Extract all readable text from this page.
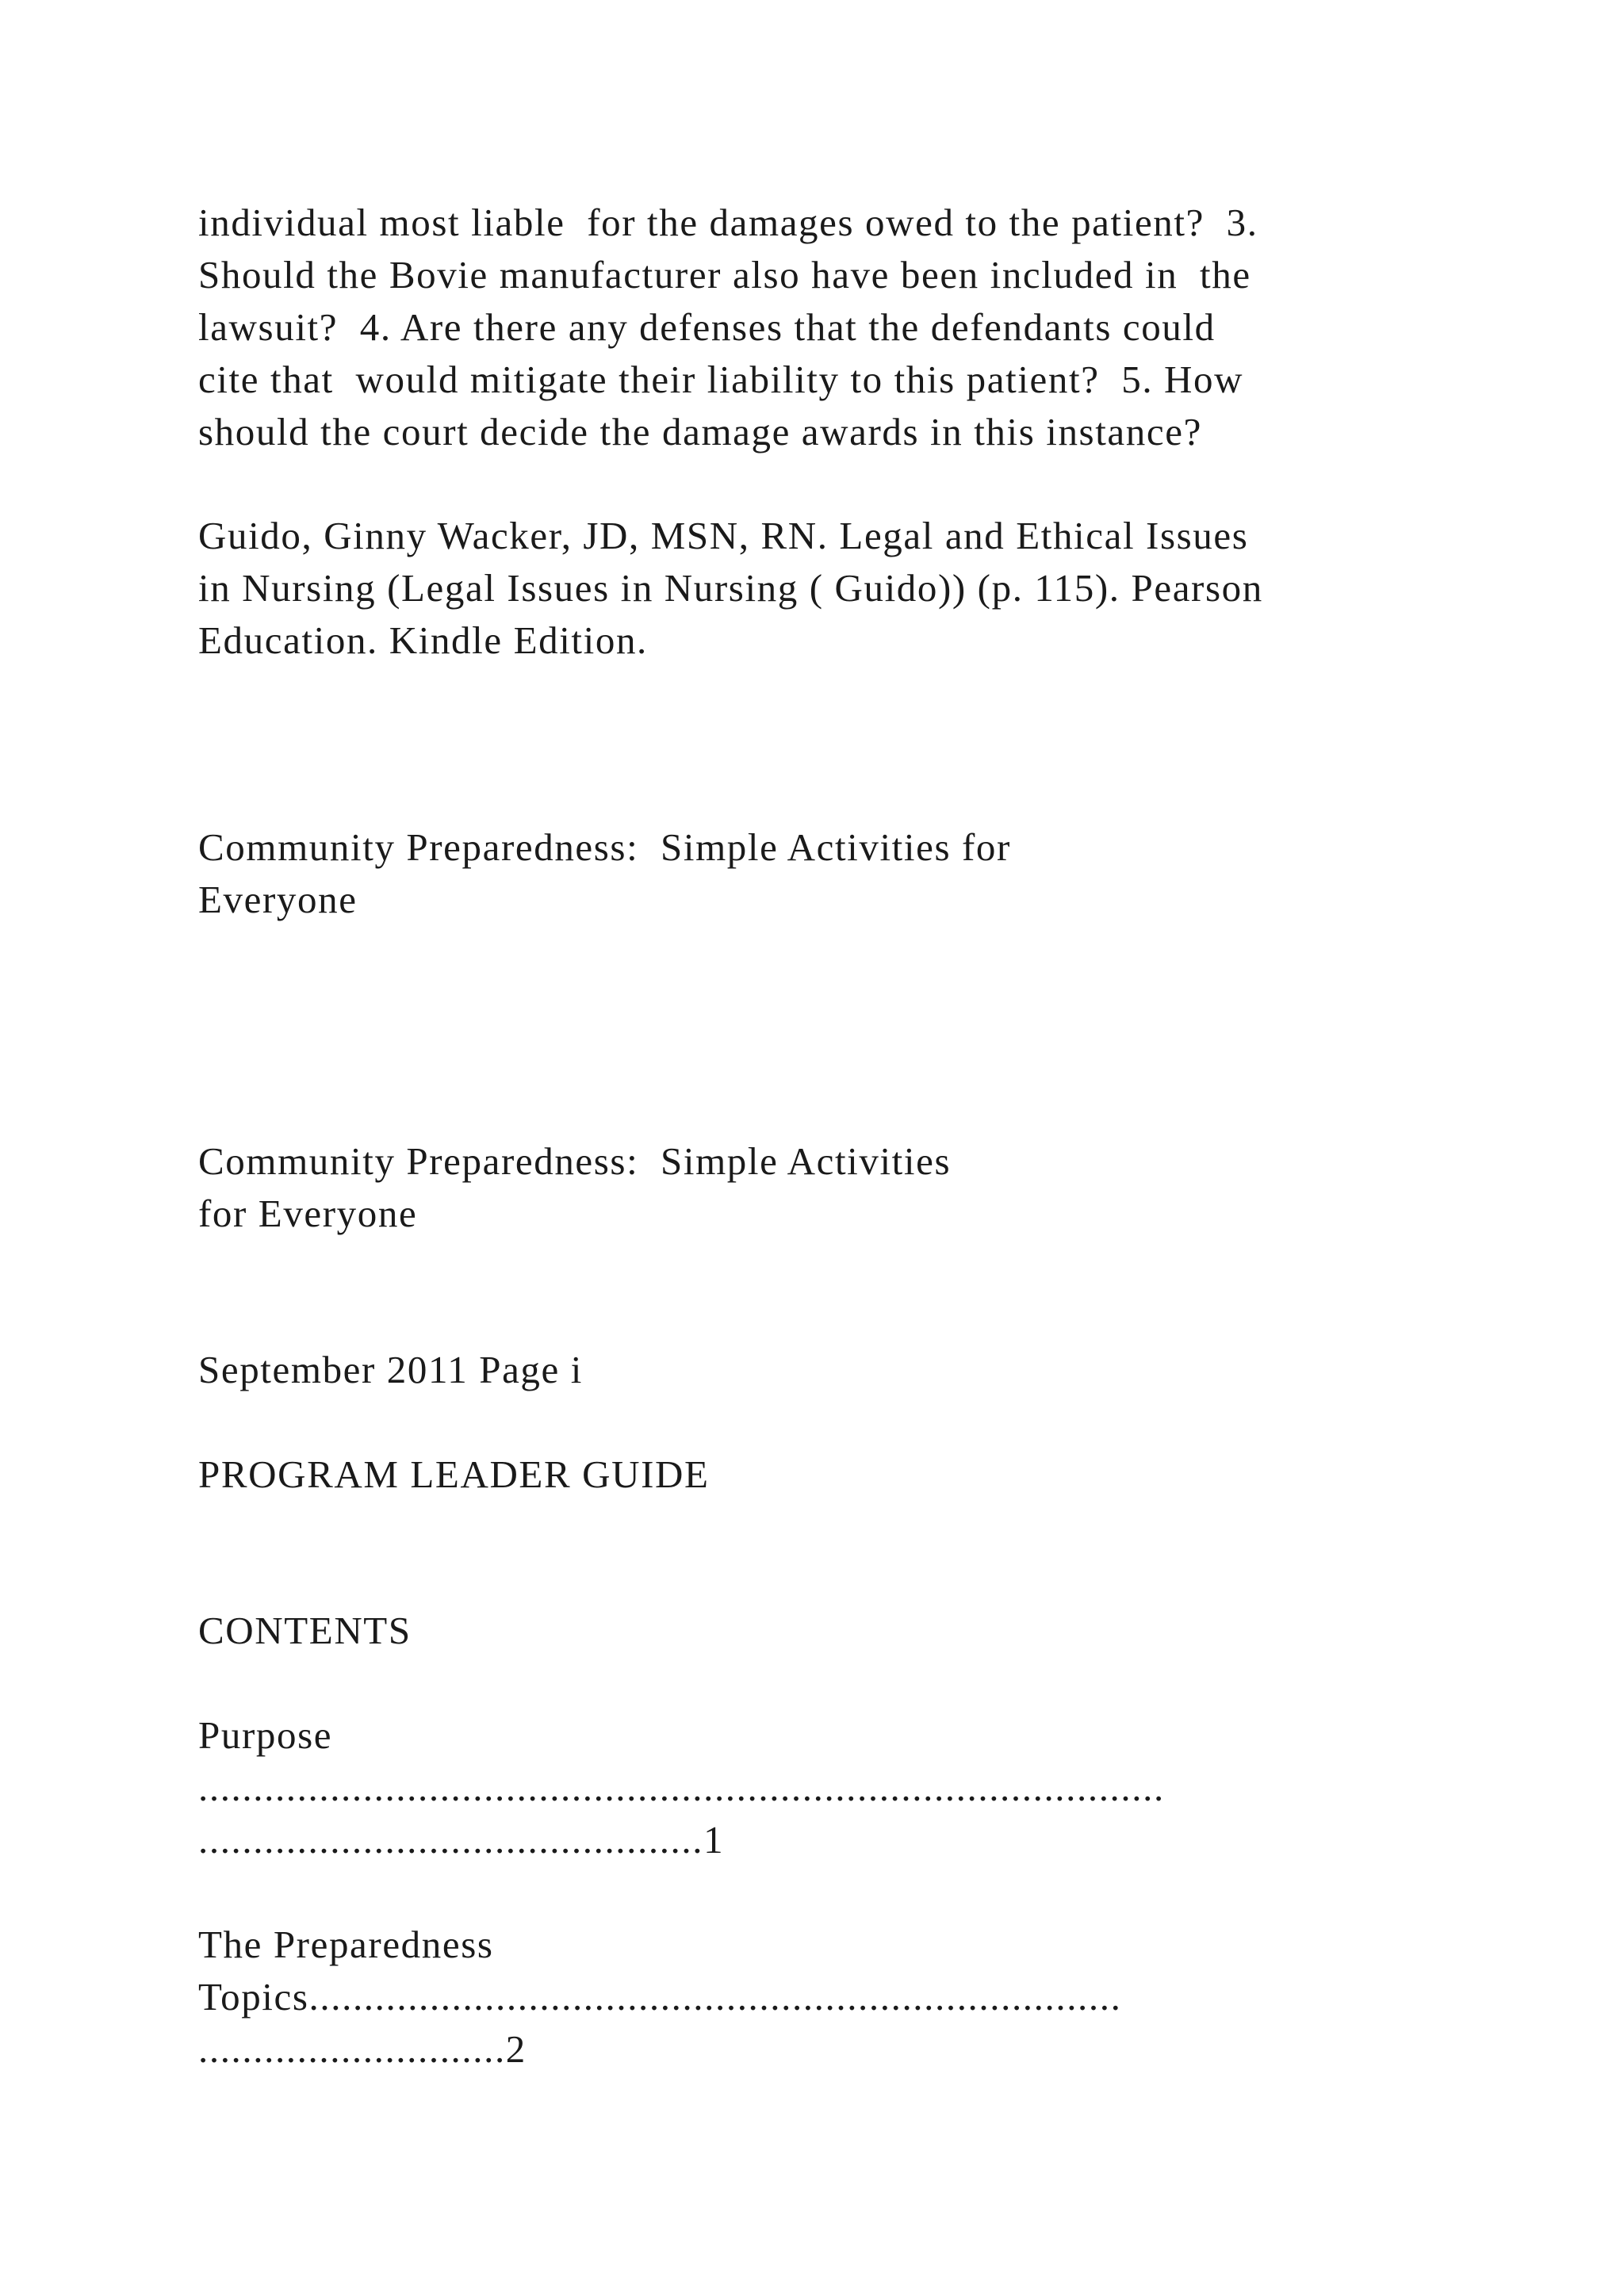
individual most liable  for the damages owed to the patient?  3.
Should the Bovie manufacturer also have been included in  the
lawsuit?  4. Are there any defenses that the defendants could
cite that  would mitigate their liability to this patient?  5. How
should the court decide the damage awards in this instance?
Guido, Ginny Wacker, JD, MSN, RN. Legal and Ethical Issues
in Nursing (Legal Issues in Nursing ( Guido)) (p. 115). Pearson
Education. Kindle Edition.
Community Preparedness:  Simple Activities for
Everyone
Community Preparedness:  Simple Activities
for Everyone
September 2011 Page i
PROGRAM LEADER GUIDE
CONTENTS
Purpose
........................................................................................
..............................................1
The Preparedness
Topics..........................................................................
............................2
